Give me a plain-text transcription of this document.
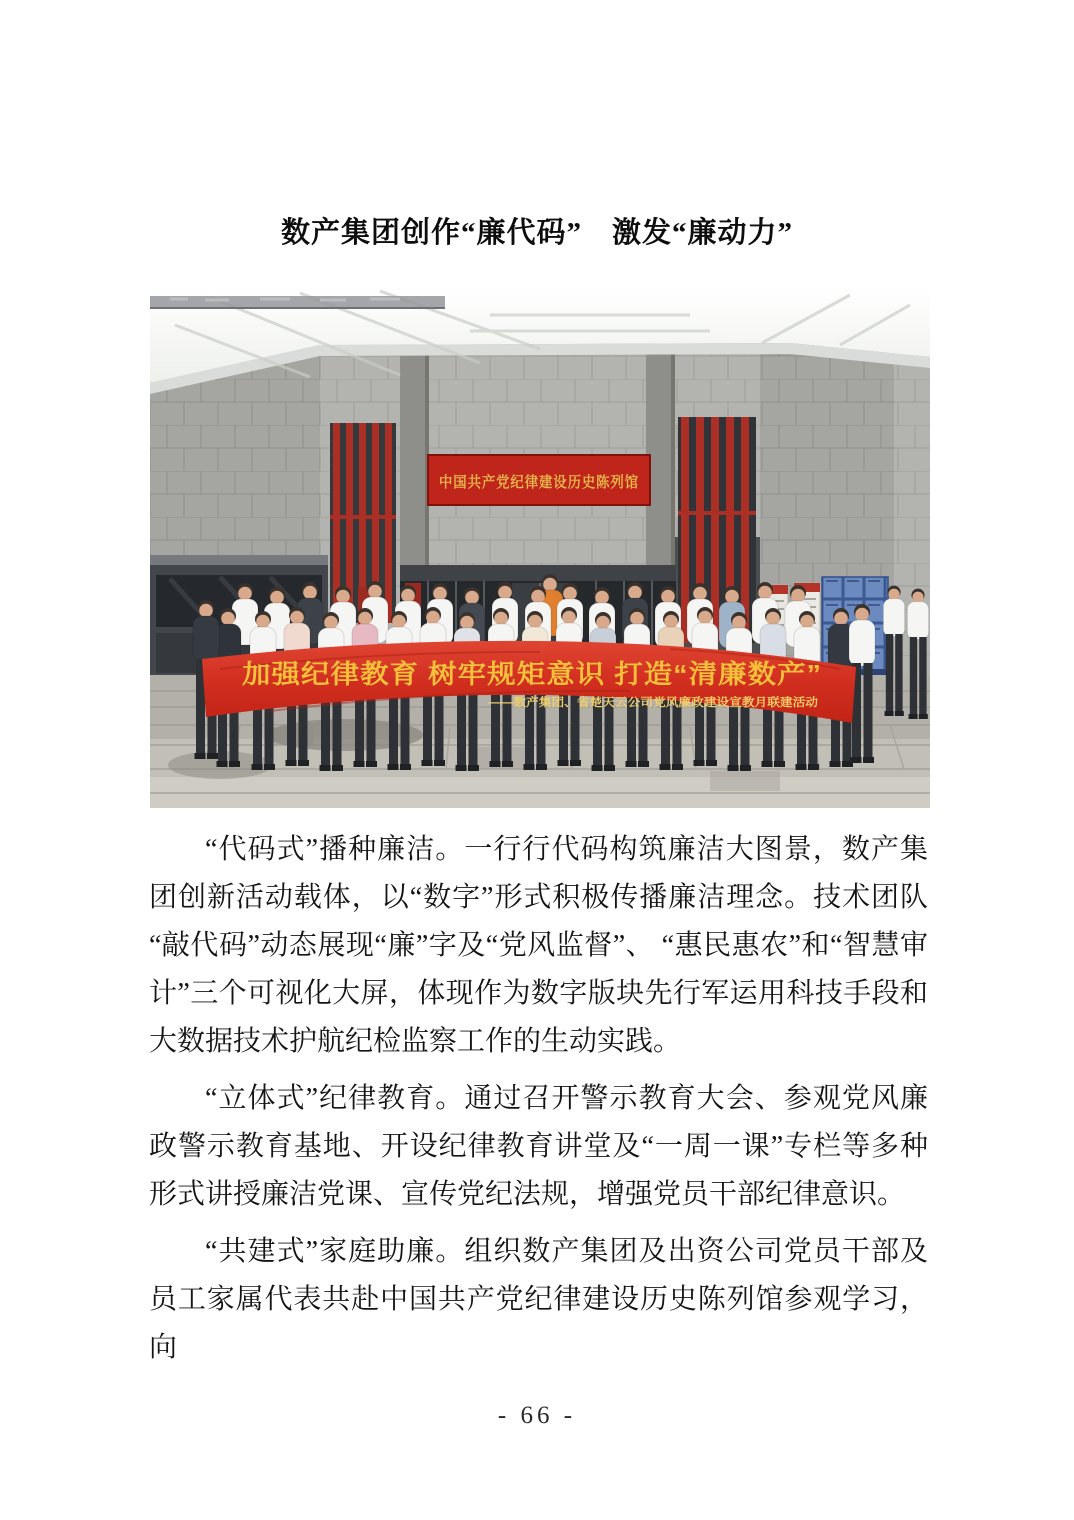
数产集团创作“廉代码”　激发“廉动力”
中国共产党纪律建设历史陈列馆
加强纪律教育 树牢规矩意识 打造“清廉数产”
——数产集团、省楚天云公司党风廉政建设宣教月联建活动

“代码式”播种廉洁。一行行代码构筑廉洁大图景，数产集团创新活动载体，以“数字”形式积极传播廉洁理念。技术团队“敲代码”动态展现“廉”字及“党风监督”、 “惠民惠农”和“智慧审计”三个可视化大屏，体现作为数字版块先行军运用科技手段和大数据技术护航纪检监察工作的生动实践。

“立体式”纪律教育。通过召开警示教育大会、参观党风廉政警示教育基地、开设纪律教育讲堂及“一周一课”专栏等多种形式讲授廉洁党课、宣传党纪法规，增强党员干部纪律意识。

“共建式”家庭助廉。组织数产集团及出资公司党员干部及员工家属代表共赴中国共产党纪律建设历史陈列馆参观学习，向

- 66 -
